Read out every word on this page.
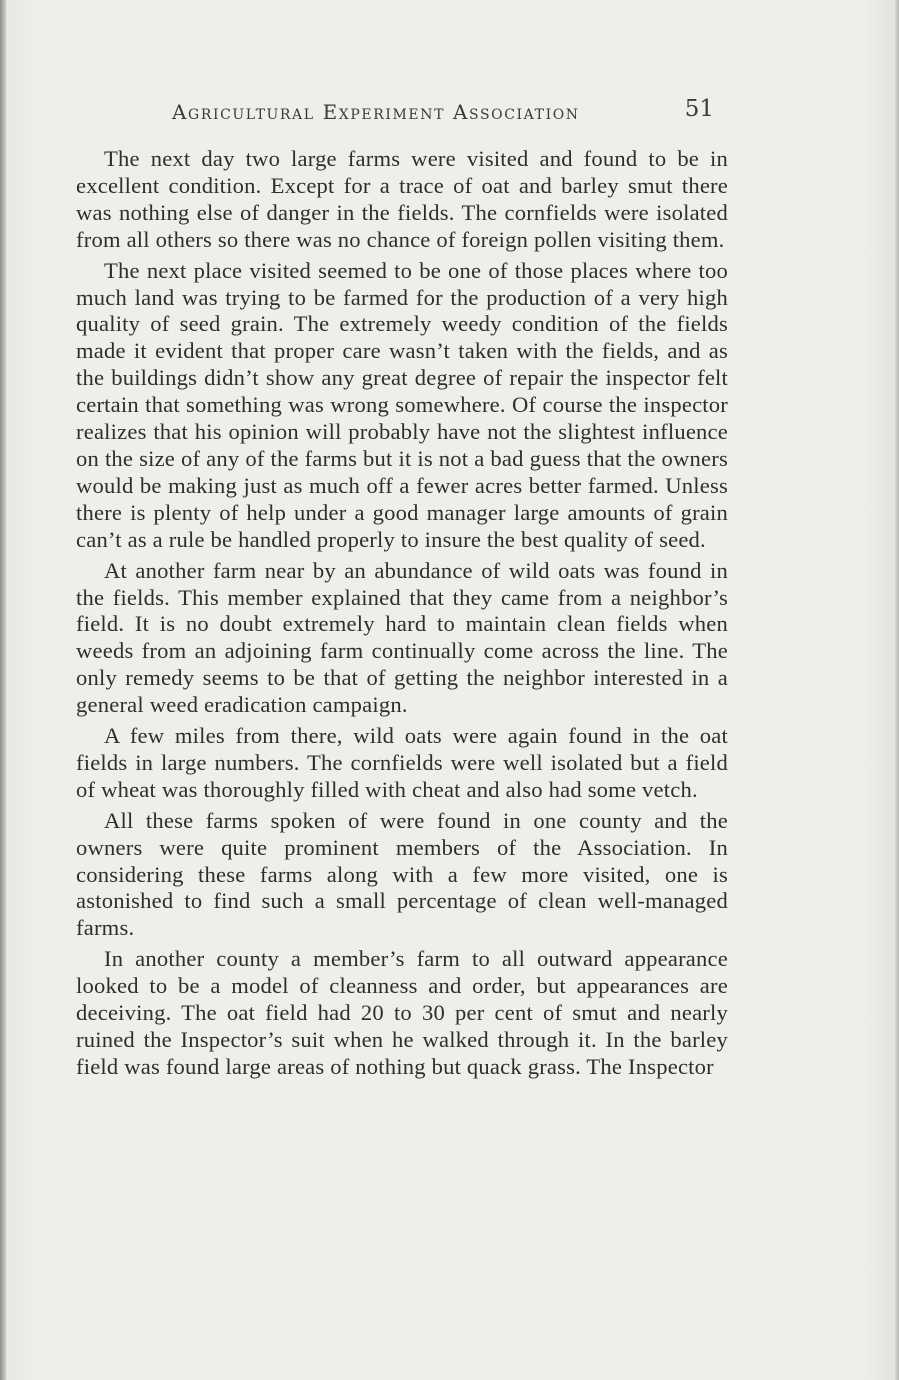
Agricultural Experiment Association	51

The next day two large farms were visited and found to be in excellent condition. Except for a trace of oat and barley smut there was nothing else of danger in the fields. The cornfields were isolated from all others so there was no chance of foreign pollen visiting them.

The next place visited seemed to be one of those places where too much land was trying to be farmed for the production of a very high quality of seed grain. The extremely weedy condition of the fields made it evident that proper care wasn’t taken with the fields, and as the buildings didn’t show any great degree of repair the inspector felt certain that something was wrong somewhere. Of course the inspector realizes that his opinion will probably have not the slightest influence on the size of any of the farms but it is not a bad guess that the owners would be making just as much off a fewer acres better farmed. Unless there is plenty of help under a good manager large amounts of grain can’t as a rule be handled properly to insure the best quality of seed.

At another farm near by an abundance of wild oats was found in the fields. This member explained that they came from a neighbor’s field. It is no doubt extremely hard to maintain clean fields when weeds from an adjoining farm continually come across the line. The only remedy seems to be that of getting the neighbor interested in a general weed eradication campaign.

A few miles from there, wild oats were again found in the oat fields in large numbers. The cornfields were well isolated but a field of wheat was thoroughly filled with cheat and also had some vetch.

All these farms spoken of were found in one county and the owners were quite prominent members of the Association. In considering these farms along with a few more visited, one is astonished to find such a small percentage of clean well-managed farms.

In another county a member’s farm to all outward appearance looked to be a model of cleanness and order, but appearances are deceiving. The oat field had 20 to 30 per cent of smut and nearly ruined the Inspector’s suit when he walked through it. In the barley field was found large areas of nothing but quack grass. The Inspector
